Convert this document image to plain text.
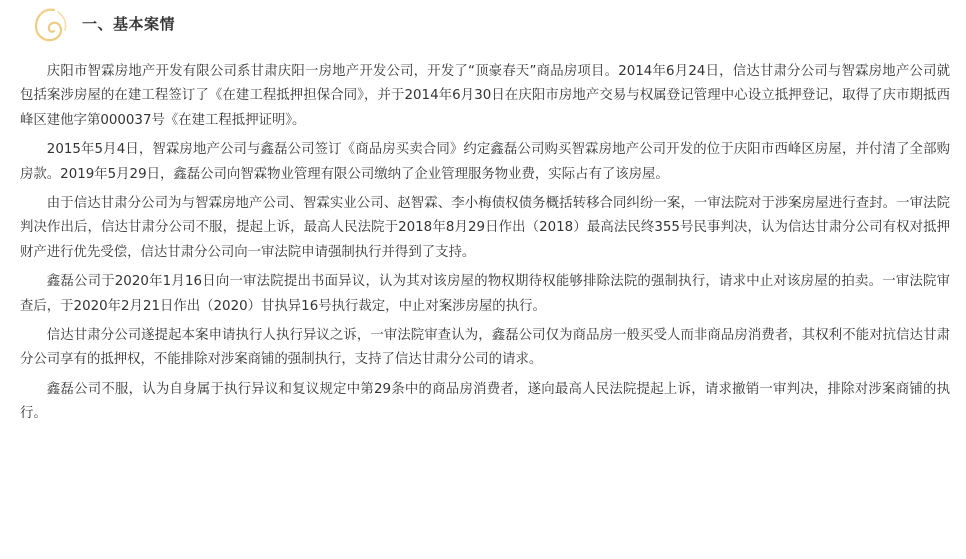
一、基本案情

庆阳市智霖房地产开发有限公司系甘肃庆阳一房地产开发公司，开发了“顶豪春天”商品房项目。2014年6月24日，信达甘肃分公司与智霖房地产公司就包括案涉房屋的在建工程签订了《在建工程抵押担保合同》，并于2014年6月30日在庆阳市房地产交易与权属登记管理中心设立抵押登记，取得了庆市期抵西峰区建他字第000037号《在建工程抵押证明》。

2015年5月4日，智霖房地产公司与鑫磊公司签订《商品房买卖合同》约定鑫磊公司购买智霖房地产公司开发的位于庆阳市西峰区房屋，并付清了全部购房款。2019年5月29日，鑫磊公司向智霖物业管理有限公司缴纳了企业管理服务物业费，实际占有了该房屋。

由于信达甘肃分公司为与智霖房地产公司、智霖实业公司、赵智霖、李小梅债权债务概括转移合同纠纷一案，一审法院对于涉案房屋进行查封。一审法院判决作出后，信达甘肃分公司不服，提起上诉，最高人民法院于2018年8月29日作出（2018）最高法民终355号民事判决，认为信达甘肃分公司有权对抵押财产进行优先受偿，信达甘肃分公司向一审法院申请强制执行并得到了支持。

鑫磊公司于2020年1月16日向一审法院提出书面异议，认为其对该房屋的物权期待权能够排除法院的强制执行，请求中止对该房屋的拍卖。一审法院审查后，于2020年2月21日作出（2020）甘执异16号执行裁定，中止对案涉房屋的执行。

信达甘肃分公司遂提起本案申请执行人执行异议之诉，一审法院审查认为，鑫磊公司仅为商品房一般买受人而非商品房消费者，其权利不能对抗信达甘肃分公司享有的抵押权，不能排除对涉案商铺的强制执行，支持了信达甘肃分公司的请求。

鑫磊公司不服，认为自身属于执行异议和复议规定中第29条中的商品房消费者，遂向最高人民法院提起上诉，请求撤销一审判决，排除对涉案商铺的执行。
